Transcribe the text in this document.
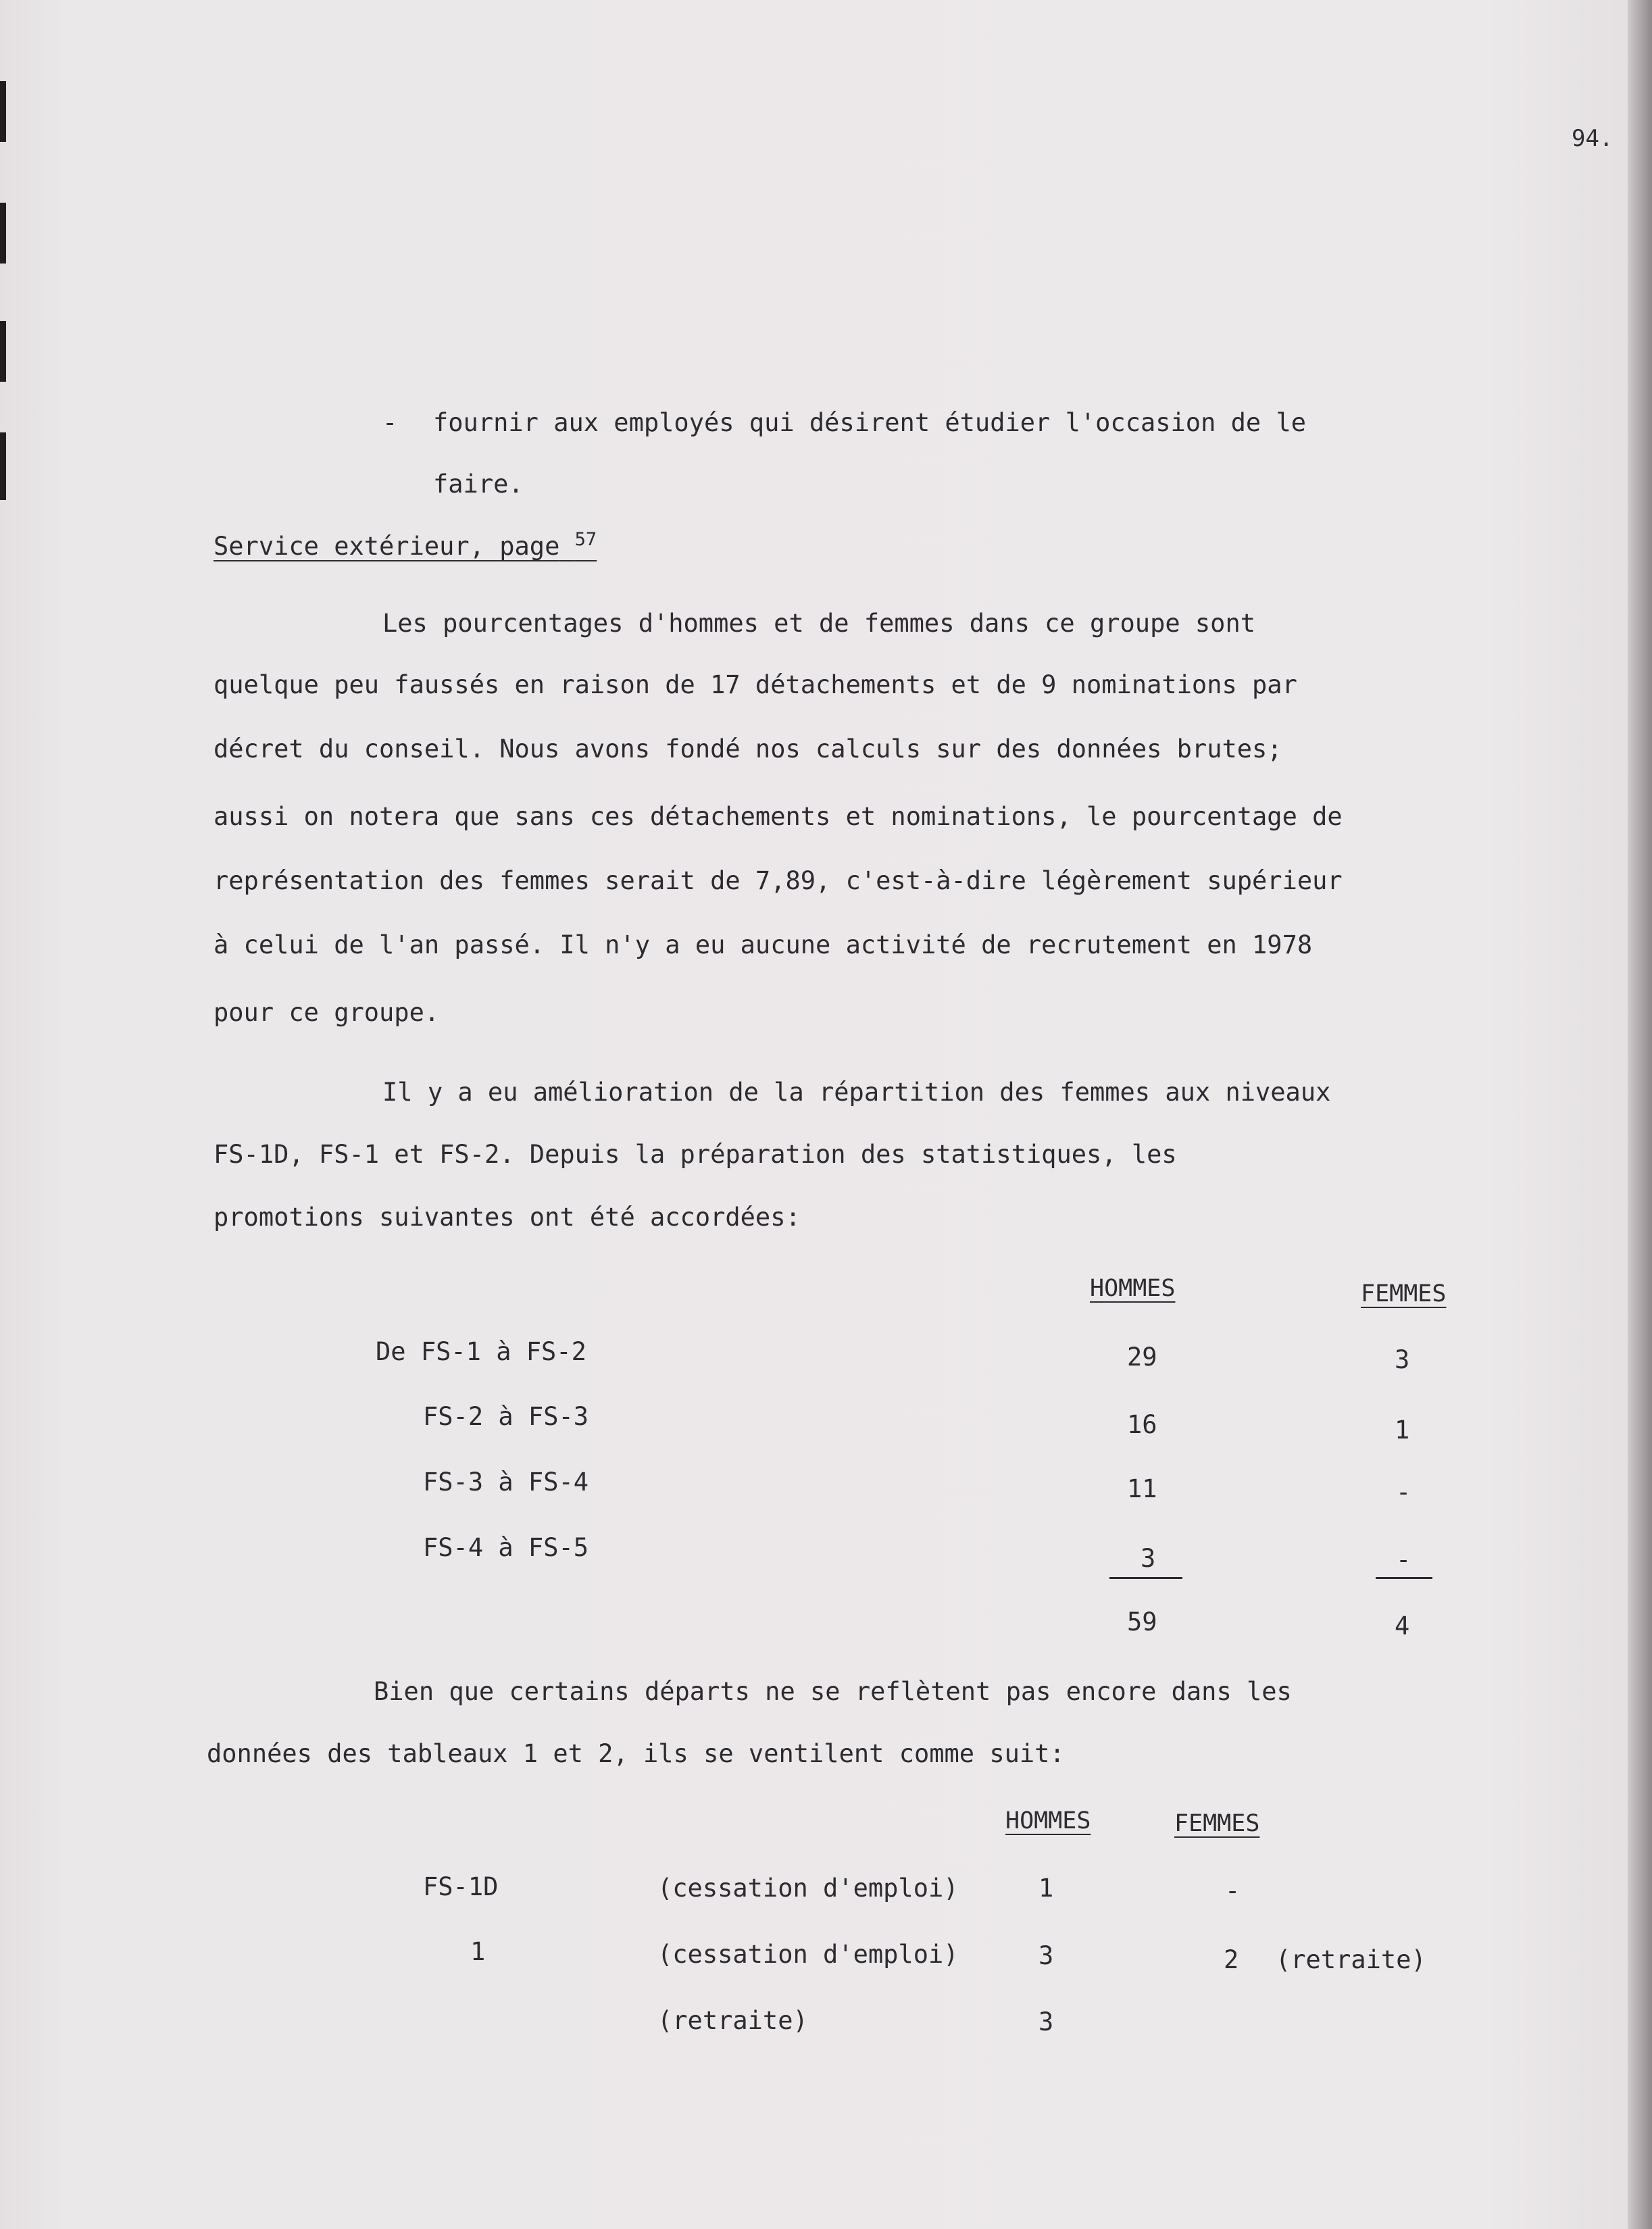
94.
- fournir aux employés qui désirent étudier l'occasion de le
faire.
Service extérieur, page $^{57}$
Les pourcentages d'hommes et de femmes dans ce groupe sont
quelque peu faussés en raison de 17 détachements et de 9 nominations par
décret du conseil. Nous avons fondé nos calculs sur des données brutes;
aussi on notera que sans ces détachements et nominations, le pourcentage de
représentation des femmes serait de 7,89, c'est-à-dire légèrement supérieur
à celui de l'an passé. Il n'y a eu aucune activité de recrutement en 1978
pour ce groupe.
Il y a eu amélioration de la répartition des femmes aux niveaux
FS-1D, FS-1 et FS-2. Depuis la préparation des statistiques, les
promotions suivantes ont été accordées:
HOMMES	FEMMES
De FS-1 à FS-2	29	3
FS-2 à FS-3	16	1
FS-3 à FS-4	11	-
FS-4 à FS-5	3	-
59	4
Bien que certains départs ne se reflètent pas encore dans les
données des tableaux 1 et 2, ils se ventilent comme suit:
HOMMES	FEMMES
FS-1D	(cessation d'emploi)	1	-
1	(cessation d'emploi)	3	2 (retraite)
(retraite)	3
